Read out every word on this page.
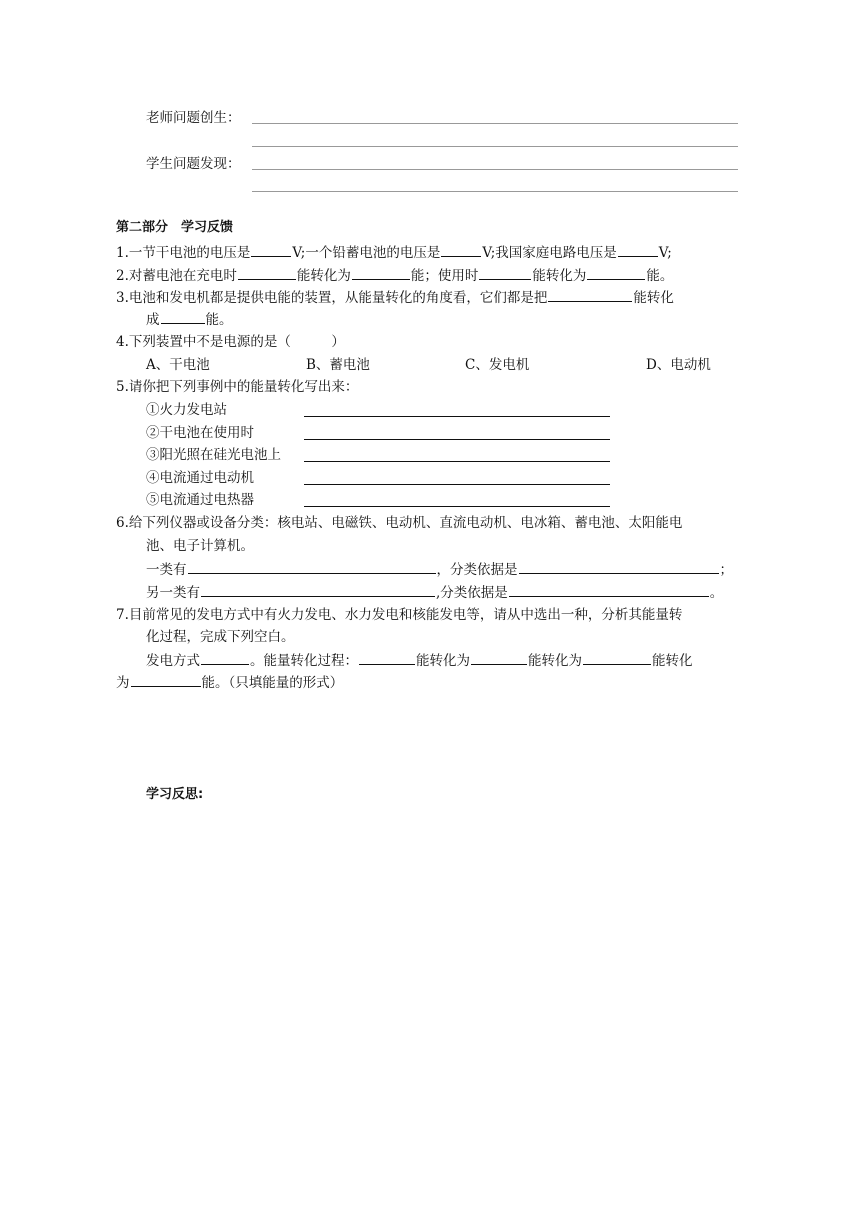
老师问题创生：
学生问题发现：
第二部分　学习反馈
1.一节干电池的电压是	V;一个铅蓄电池的电压是	V;我国家庭电路电压是	V;
2.对蓄电池在充电时	能转化为	能；使用时	能转化为	能。
3.电池和发电机都是提供电能的装置，从能量转化的角度看，它们都是把	能转化
成	能。
4.下列装置中不是电源的是（　　　）
A、干电池	B、蓄电池	C、发电机	D、电动机
5.请你把下列事例中的能量转化写出来：
①火力发电站
②干电池在使用时
③阳光照在硅光电池上
④电流通过电动机
⑤电流通过电热器
6.给下列仪器或设备分类：核电站、电磁铁、电动机、直流电动机、电冰箱、蓄电池、太阳能电
池、电子计算机。
一类有	，分类依据是	；
另一类有	,分类依据是	。
7.目前常见的发电方式中有火力发电、水力发电和核能发电等，请从中选出一种，分析其能量转
化过程，完成下列空白。
发电方式	。能量转化过程：	能转化为	能转化为	能转化
为	能。（只填能量的形式）
学习反思:
